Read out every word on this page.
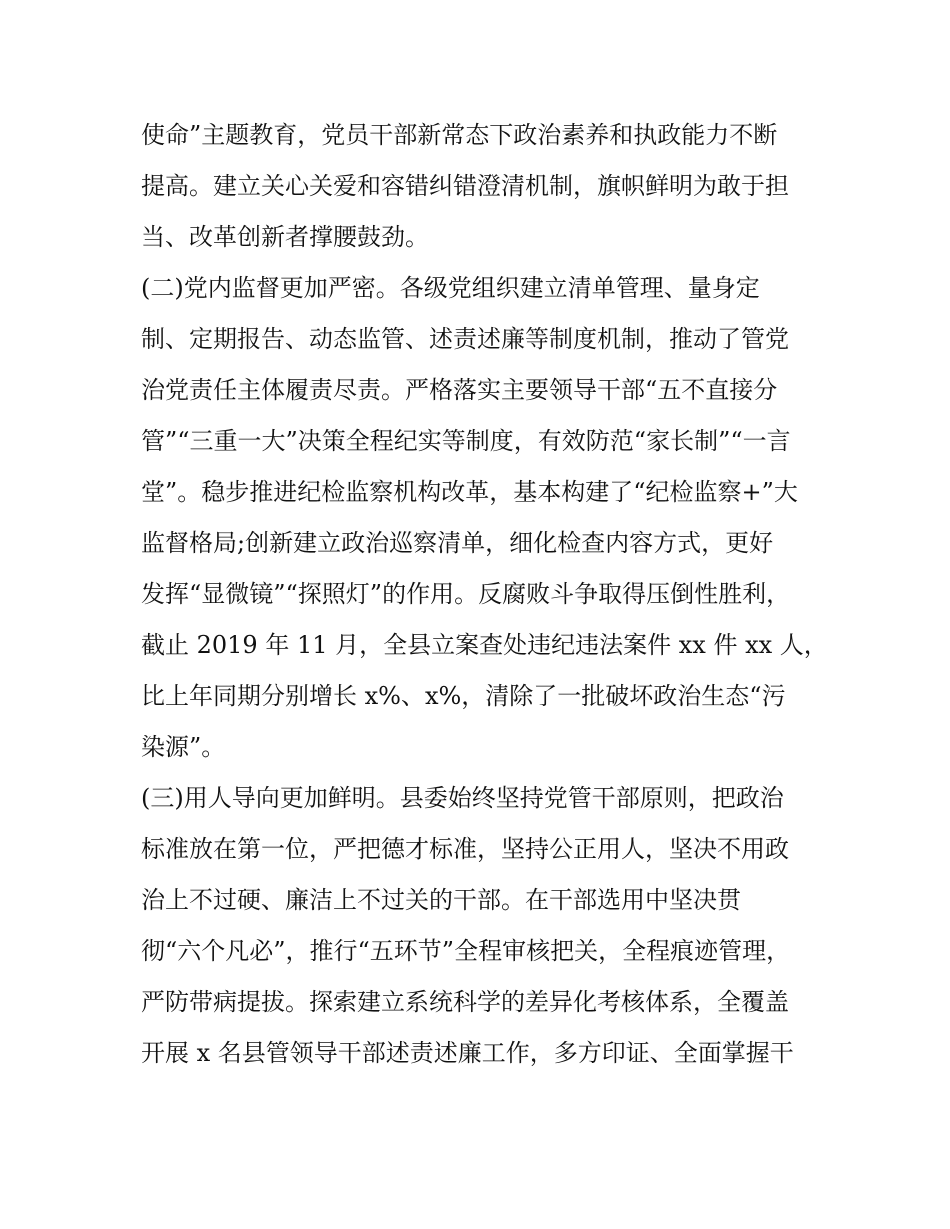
使命”主题教育，党员干部新常态下政治素养和执政能力不断
提高。建立关心关爱和容错纠错澄清机制，旗帜鲜明为敢于担
当、改革创新者撑腰鼓劲。
(二)党内监督更加严密。各级党组织建立清单管理、量身定
制、定期报告、动态监管、述责述廉等制度机制，推动了管党
治党责任主体履责尽责。严格落实主要领导干部“五不直接分
管”“三重一大”决策全程纪实等制度，有效防范“家长制”“一言
堂”。稳步推进纪检监察机构改革，基本构建了“纪检监察+”大
监督格局;创新建立政治巡察清单，细化检查内容方式，更好
发挥“显微镜”“探照灯”的作用。反腐败斗争取得压倒性胜利，
截止 2019 年 11 月，全县立案查处违纪违法案件 xx 件 xx 人，
比上年同期分别增长 x%、x%，清除了一批破坏政治生态“污
染源”。
(三)用人导向更加鲜明。县委始终坚持党管干部原则，把政治
标准放在第一位，严把德才标准，坚持公正用人，坚决不用政
治上不过硬、廉洁上不过关的干部。在干部选用中坚决贯
彻“六个凡必”，推行“五环节”全程审核把关，全程痕迹管理，
严防带病提拔。探索建立系统科学的差异化考核体系，全覆盖
开展 x 名县管领导干部述责述廉工作，多方印证、全面掌握干
